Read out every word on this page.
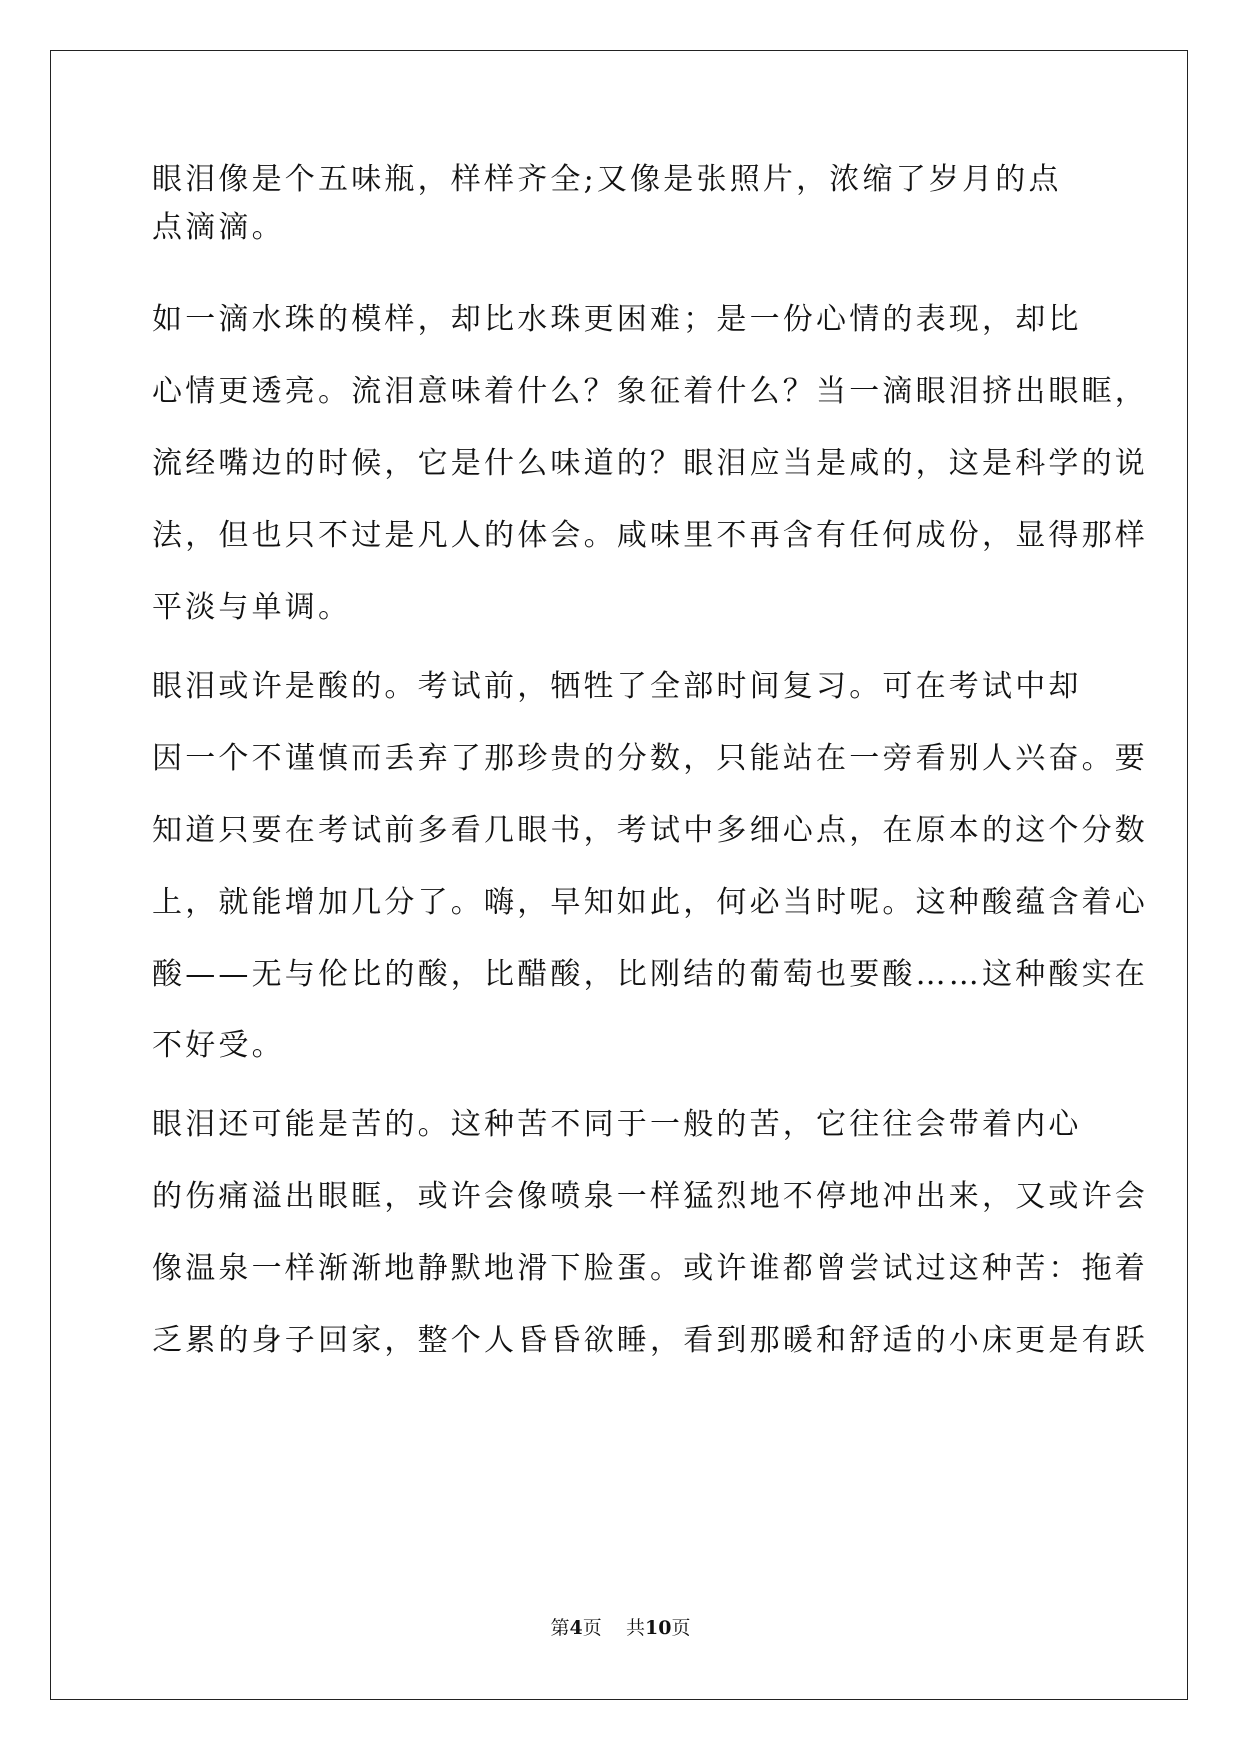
眼泪像是个五味瓶，样样齐全;又像是张照片，浓缩了岁月的点
点滴滴。
如一滴水珠的模样，却比水珠更困难；是一份心情的表现，却比
心情更透亮。流泪意味着什么？象征着什么？当一滴眼泪挤出眼眶，
流经嘴边的时候，它是什么味道的？眼泪应当是咸的，这是科学的说
法，但也只不过是凡人的体会。咸味里不再含有任何成份，显得那样
平淡与单调。
眼泪或许是酸的。考试前，牺牲了全部时间复习。可在考试中却
因一个不谨慎而丢弃了那珍贵的分数，只能站在一旁看别人兴奋。要
知道只要在考试前多看几眼书，考试中多细心点，在原本的这个分数
上，就能增加几分了。嗨，早知如此，何必当时呢。这种酸蕴含着心
酸——无与伦比的酸，比醋酸，比刚结的葡萄也要酸……这种酸实在
不好受。
眼泪还可能是苦的。这种苦不同于一般的苦，它往往会带着内心
的伤痛溢出眼眶，或许会像喷泉一样猛烈地不停地冲出来，又或许会
像温泉一样渐渐地静默地滑下脸蛋。或许谁都曾尝试过这种苦：拖着
乏累的身子回家，整个人昏昏欲睡，看到那暖和舒适的小床更是有跃
第4页 共10页
